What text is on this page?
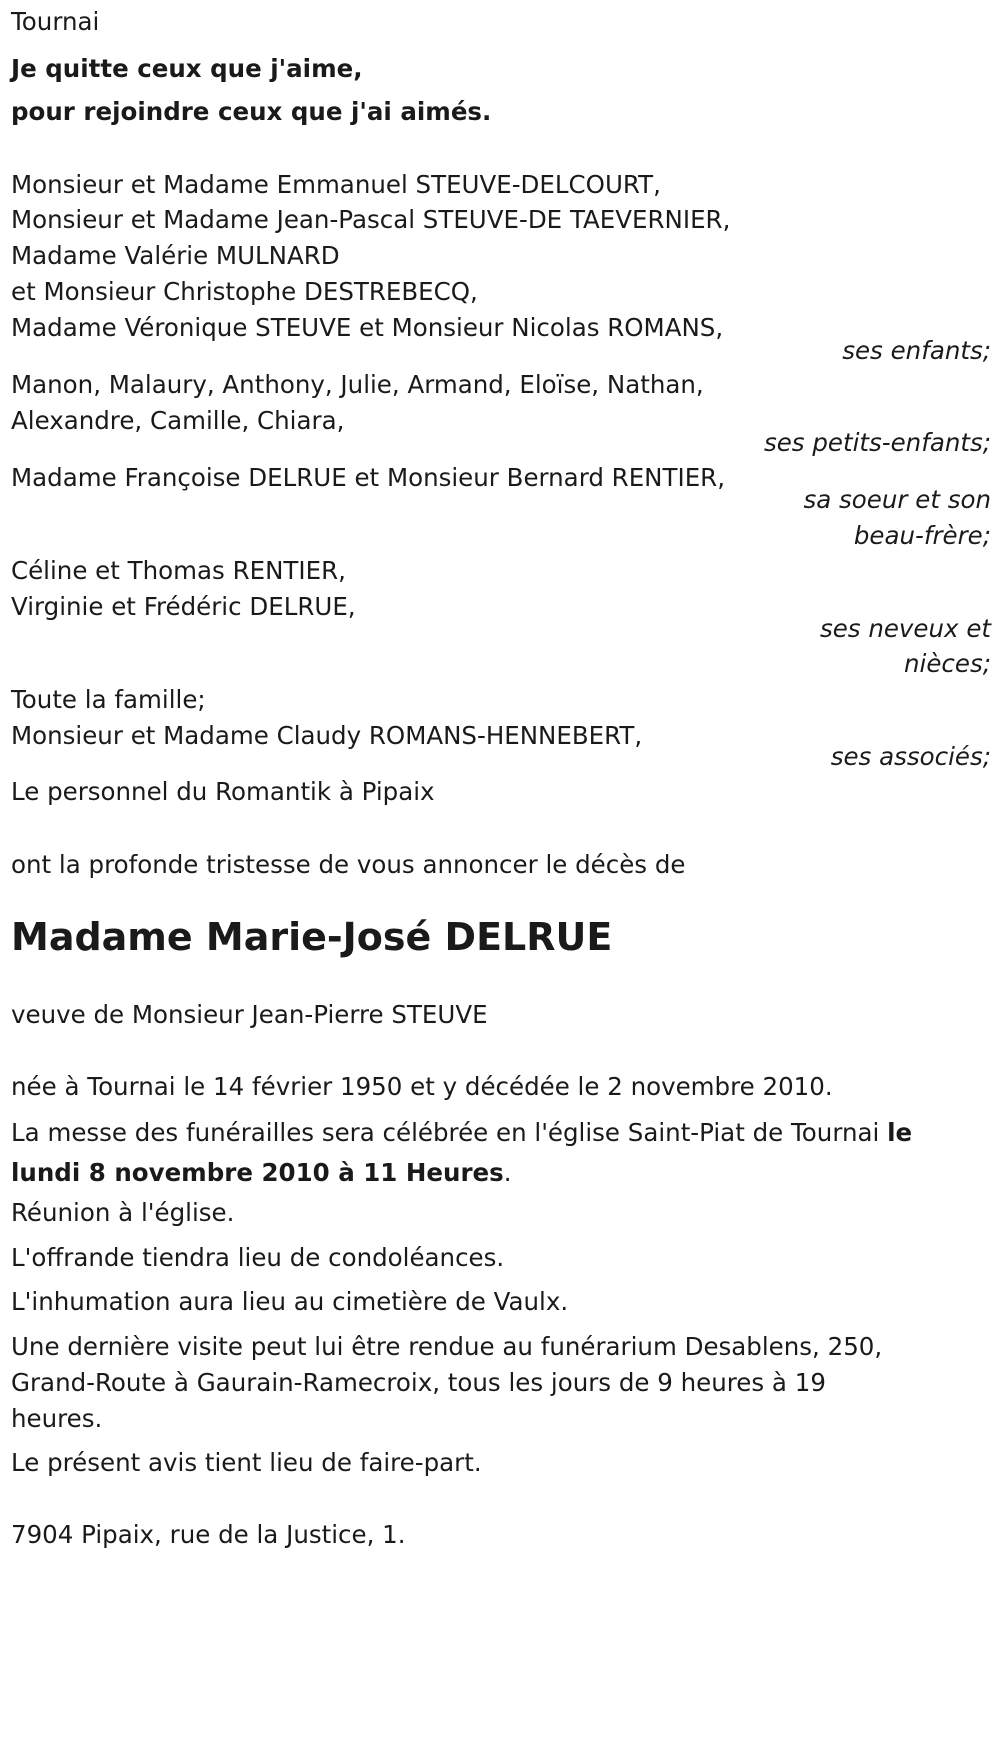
Tournai
Je quitte ceux que j'aime,
pour rejoindre ceux que j'ai aimés.
Monsieur et Madame Emmanuel STEUVE-DELCOURT,
Monsieur et Madame Jean-Pascal STEUVE-DE TAEVERNIER,
Madame Valérie MULNARD
et Monsieur Christophe DESTREBECQ,
Madame Véronique STEUVE et Monsieur Nicolas ROMANS,
ses enfants;
Manon, Malaury, Anthony, Julie, Armand, Eloïse, Nathan,
Alexandre, Camille, Chiara,
ses petits-enfants;
Madame Françoise DELRUE et Monsieur Bernard RENTIER,
sa soeur et son
beau-frère;
Céline et Thomas RENTIER,
Virginie et Frédéric DELRUE,
ses neveux et
nièces;
Toute la famille;
Monsieur et Madame Claudy ROMANS-HENNEBERT,
ses associés;
Le personnel du Romantik à Pipaix
ont la profonde tristesse de vous annoncer le décès de
Madame Marie-José DELRUE
veuve de Monsieur Jean-Pierre STEUVE
née à Tournai le 14 février 1950 et y décédée le 2 novembre 2010.
La messe des funérailles sera célébrée en l'église Saint-Piat de Tournai le lundi 8 novembre 2010 à 11 Heures.
Réunion à l'église.
L'offrande tiendra lieu de condoléances.
L'inhumation aura lieu au cimetière de Vaulx.
Une dernière visite peut lui être rendue au funérarium Desablens, 250, Grand-Route à Gaurain-Ramecroix, tous les jours de 9 heures à 19 heures.
Le présent avis tient lieu de faire-part.
7904 Pipaix, rue de la Justice, 1.
